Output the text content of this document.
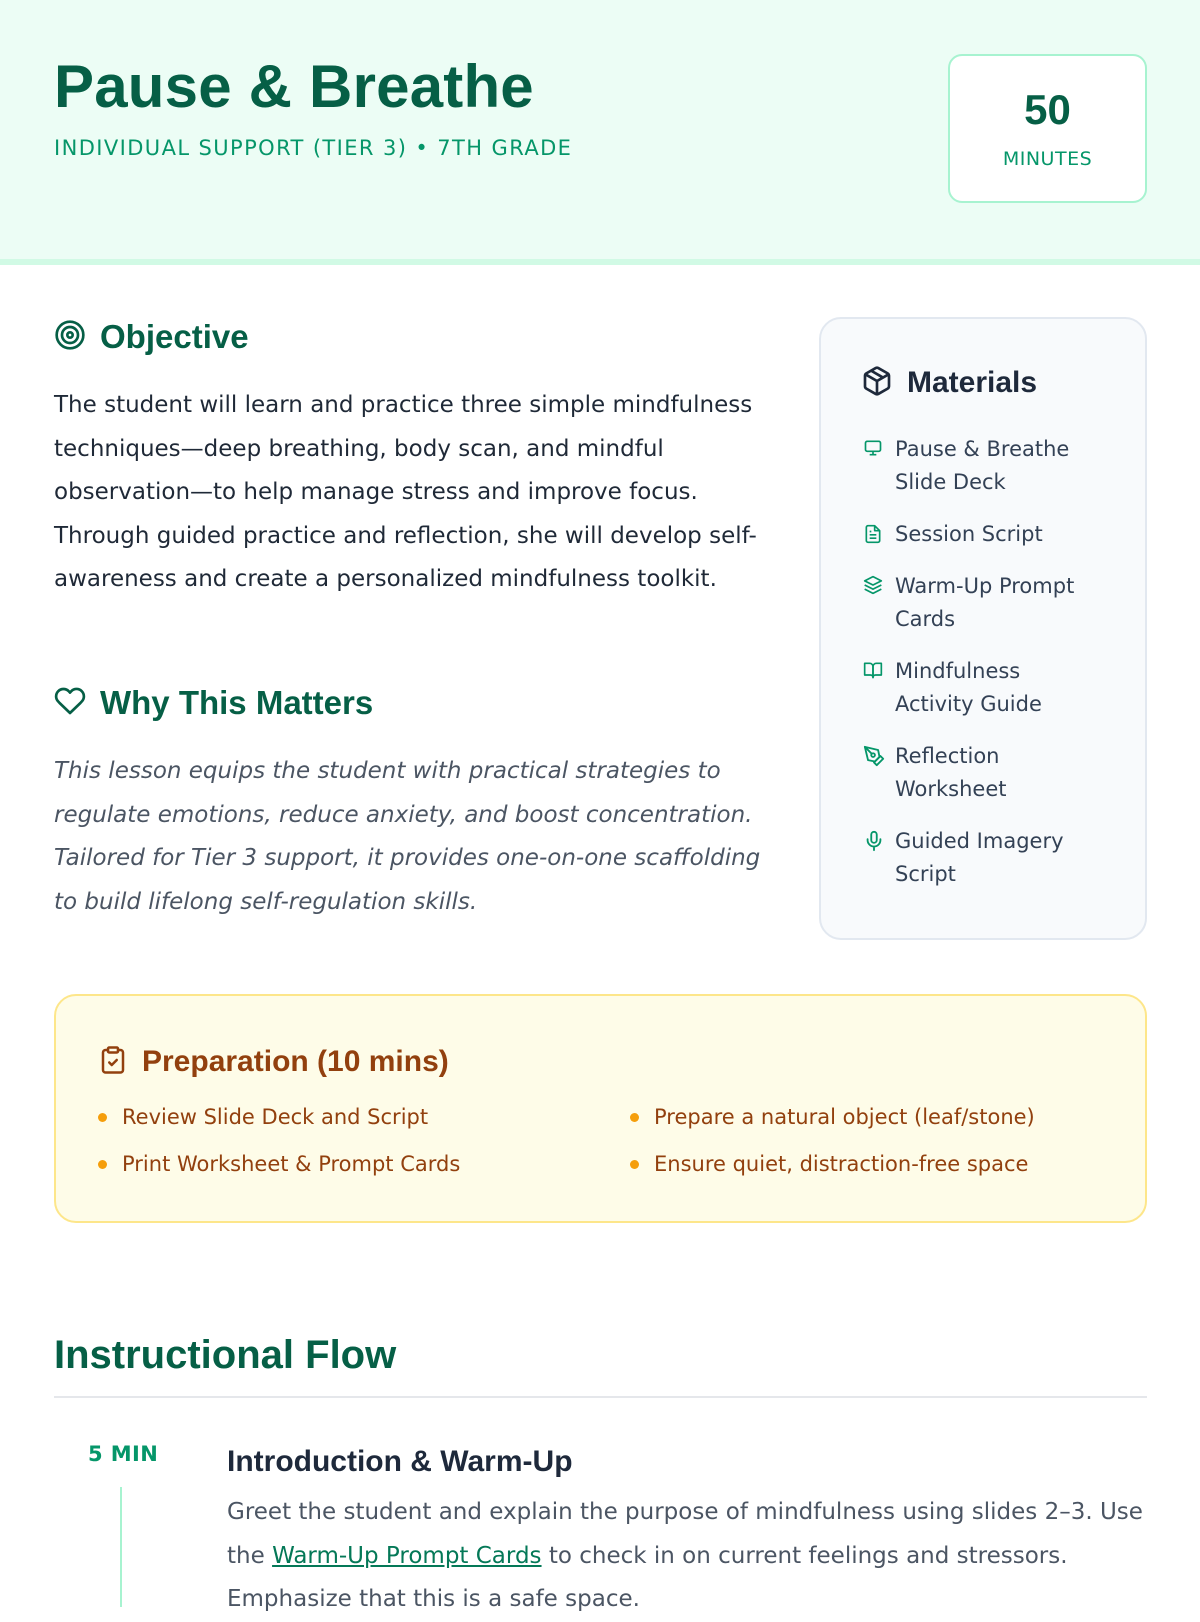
Pause & Breathe
INDIVIDUAL SUPPORT (TIER 3) • 7TH GRADE
50
MINUTES
Objective
The student will learn and practice three simple mindfulness techniques—deep breathing, body scan, and mindful observation—to help manage stress and improve focus. Through guided practice and reflection, she will develop self-awareness and create a personalized mindfulness toolkit.
Why This Matters
This lesson equips the student with practical strategies to regulate emotions, reduce anxiety, and boost concentration. Tailored for Tier 3 support, it provides one-on-one scaffolding to build lifelong self-regulation skills.
Materials
Pause & Breathe
Slide Deck
Session Script
Warm-Up Prompt
Cards
Mindfulness
Activity Guide
Reflection
Worksheet
Guided Imagery
Script
Preparation (10 mins)
Review Slide Deck and Script
Print Worksheet & Prompt Cards
Prepare a natural object (leaf/stone)
Ensure quiet, distraction-free space
Instructional Flow
5 MIN Introduction & Warm-Up
Greet the student and explain the purpose of mindfulness using slides 2–3. Use the Warm-Up Prompt Cards to check in on current feelings and stressors. Emphasize that this is a safe space.
